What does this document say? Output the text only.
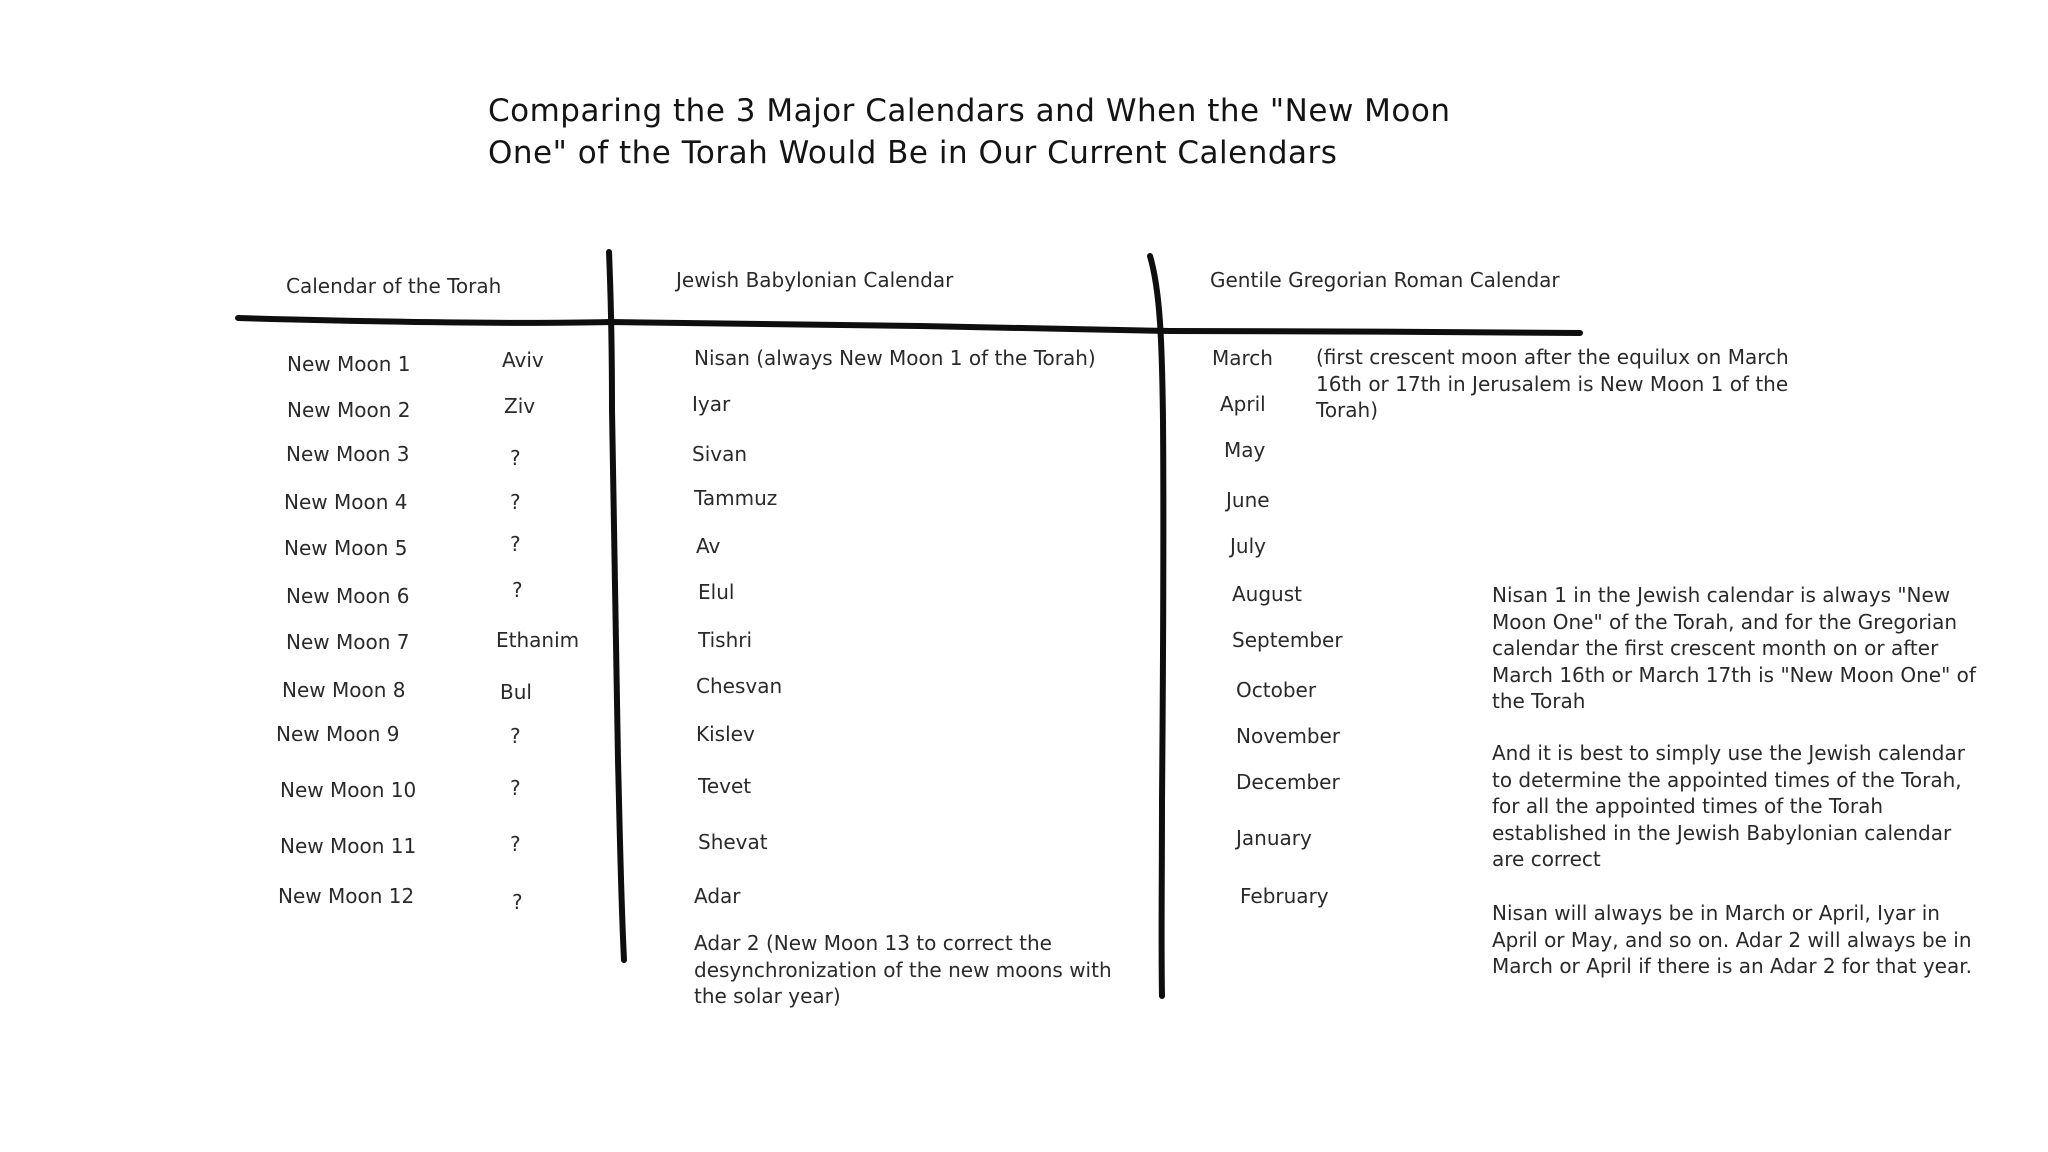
Comparing the 3 Major Calendars and When the "New Moon
One" of the Torah Would Be in Our Current Calendars
Calendar of the Torah	Jewish Babylonian Calendar	Gentile Gregorian Roman Calendar
New Moon 1	Aviv	Nisan (always New Moon 1 of the Torah)	March
New Moon 2	Ziv	Iyar	April
New Moon 3	?	Sivan	May
New Moon 4	?	Tammuz	June
New Moon 5	?	Av	July
New Moon 6	?	Elul	August
New Moon 7	Ethanim	Tishri	September
New Moon 8	Bul	Chesvan	October
New Moon 9	?	Kislev	November
New Moon 10	?	Tevet	December
New Moon 11	?	Shevat	January
New Moon 12	?	Adar	February
Adar 2 (New Moon 13 to correct the desynchronization of the new moons with the solar year)
(first crescent moon after the equilux on March 16th or 17th in Jerusalem is New Moon 1 of the Torah)
Nisan 1 in the Jewish calendar is always "New Moon One" of the Torah, and for the Gregorian calendar the first crescent month on or after March 16th or March 17th is "New Moon One" of the Torah
And it is best to simply use the Jewish calendar to determine the appointed times of the Torah, for all the appointed times of the Torah established in the Jewish Babylonian calendar are correct
Nisan will always be in March or April, Iyar in April or May, and so on. Adar 2 will always be in March or April if there is an Adar 2 for that year.
